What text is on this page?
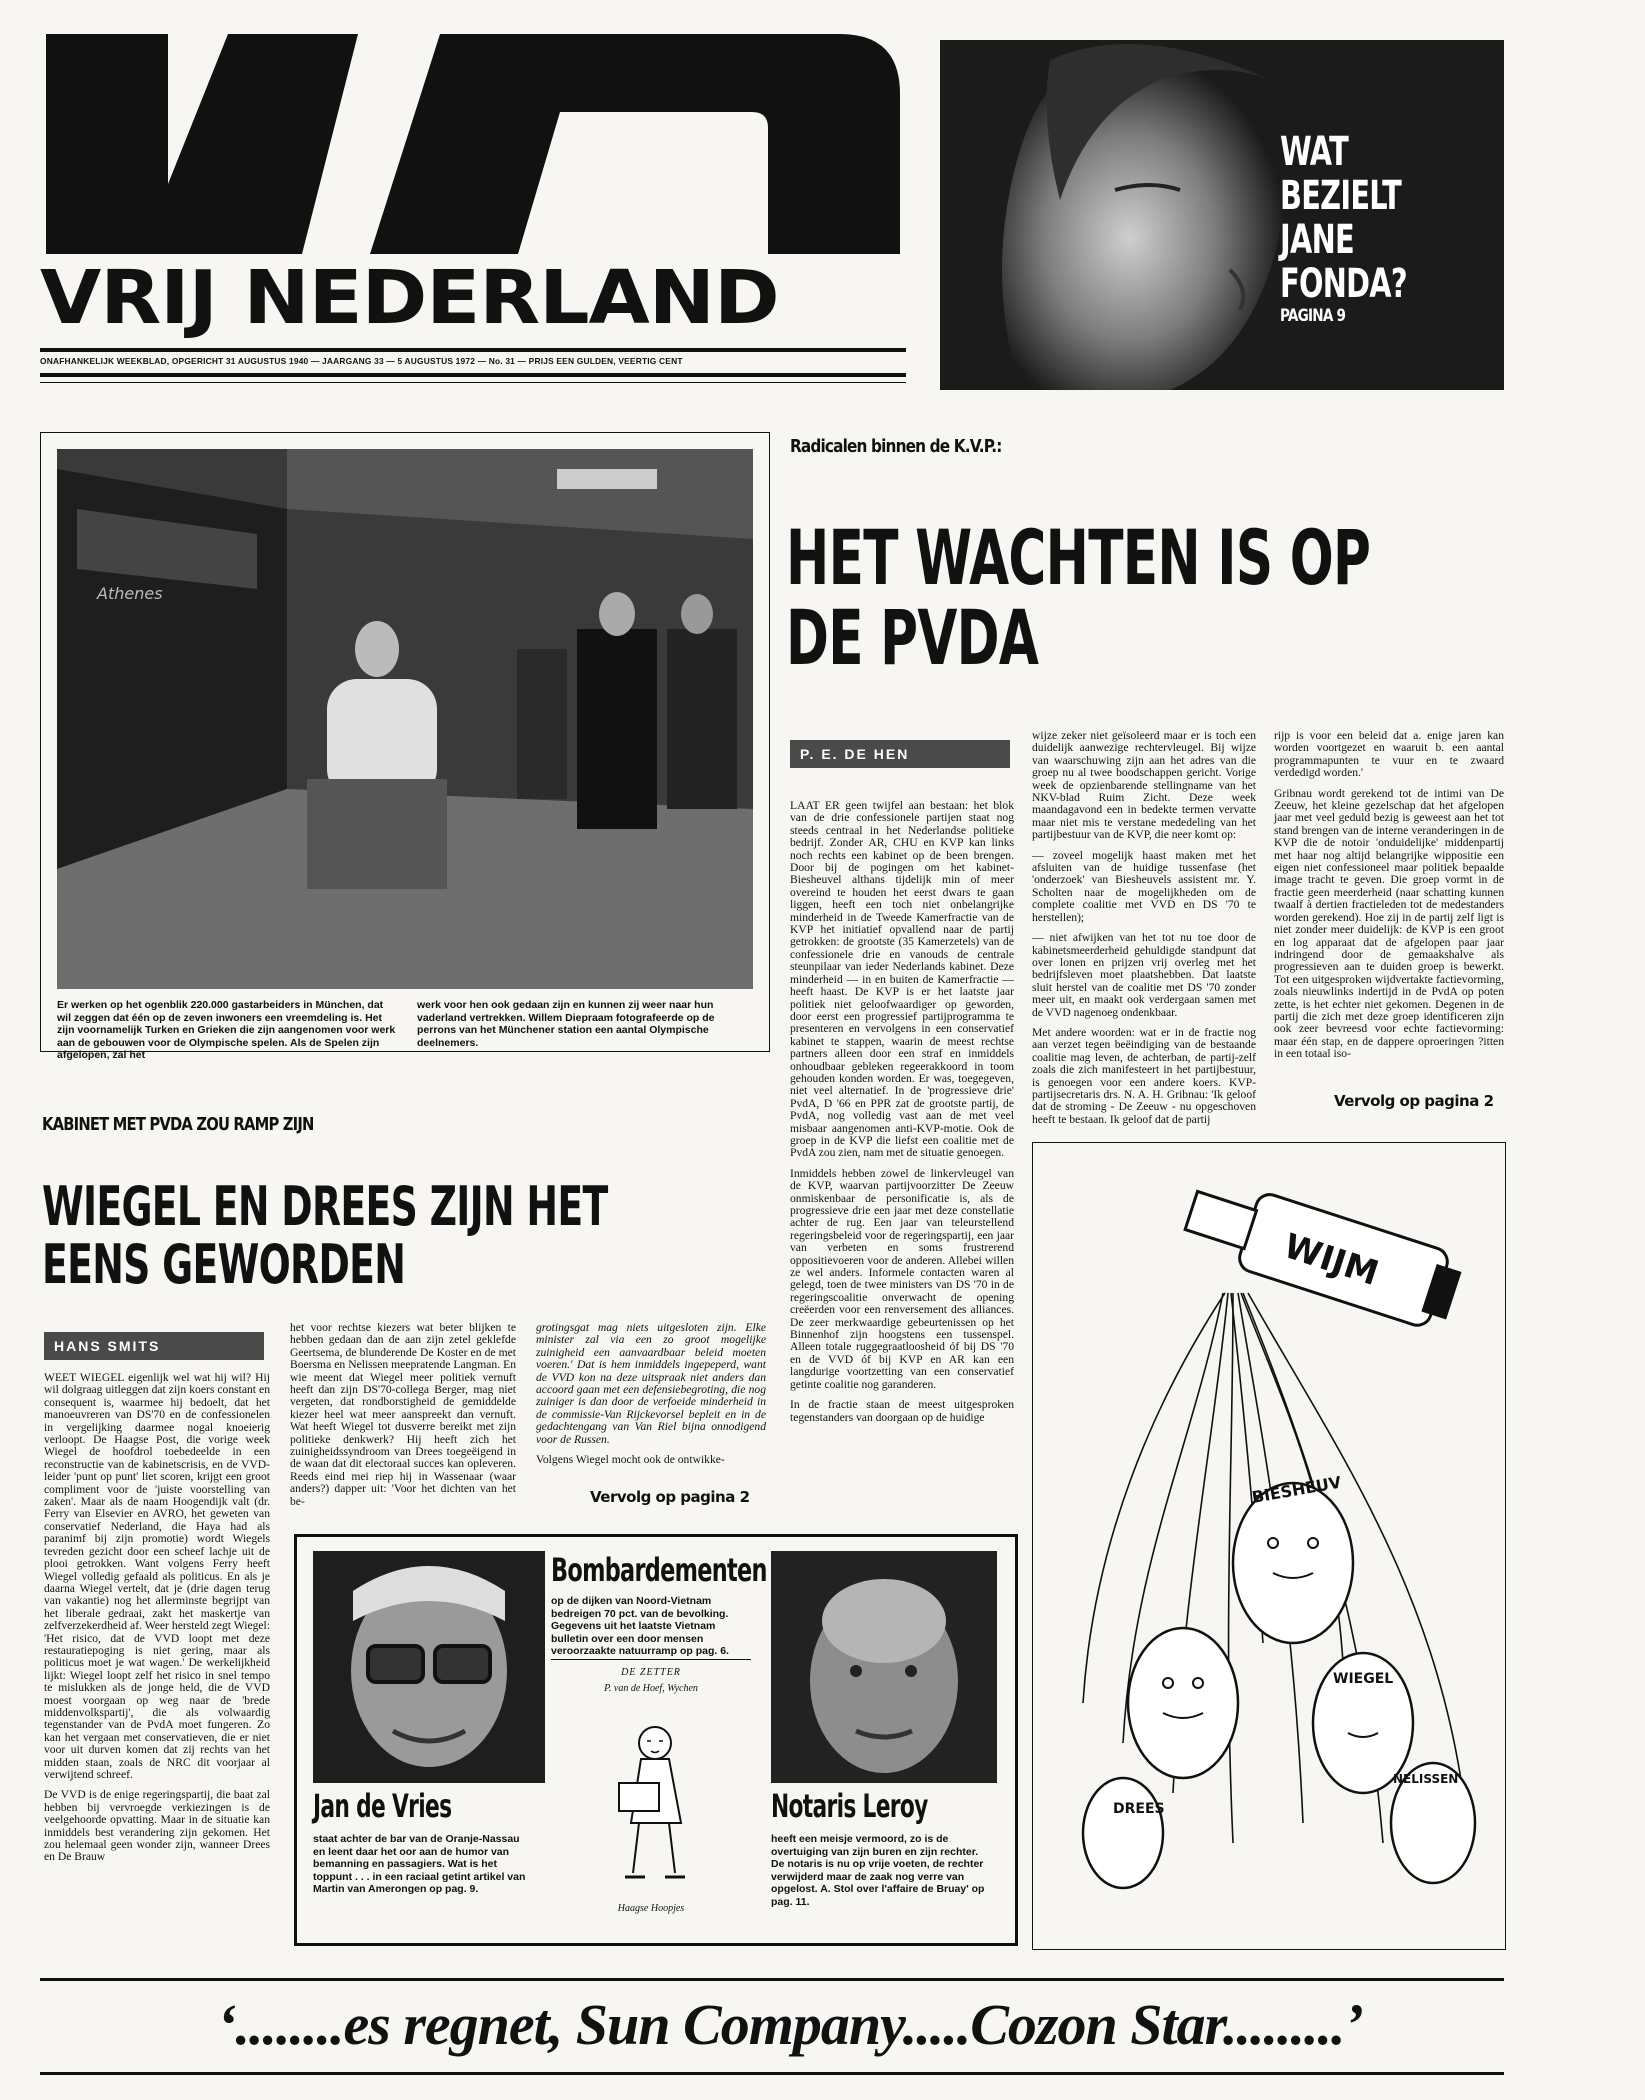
VRIJ NEDERLAND
ONAFHANKELIJK WEEKBLAD, OPGERICHT 31 AUGUSTUS 1940 — JAARGANG 33 — 5 AUGUSTUS 1972 — No. 31 — PRIJS EEN GULDEN, VEERTIG CENT
WAT
BEZIELT
JANE
FONDA?
PAGINA 9
Athenes
Er werken op het ogenblik 220.000 gastarbeiders in München, dat wil zeggen dat één op de zeven inwoners een vreemdeling is. Het zijn voornamelijk Turken en Grieken die zijn aangenomen voor werk aan de gebouwen voor de Olympische spelen. Als de Spelen zijn afgelopen, zal het
werk voor hen ook gedaan zijn en kunnen zij weer naar hun vaderland vertrekken. Willem Diepraam fotografeerde op de perrons van het Münchener station een aantal Olympische deelnemers.
Radicalen binnen de K.V.P.:
HET WACHTEN IS OP
DE PVDA
P. E. DE HEN

LAAT ER geen twijfel aan bestaan: het blok van de drie confessionele partijen staat nog steeds centraal in het Nederlandse politieke bedrijf. Zonder AR, CHU en KVP kan links noch rechts een kabinet op de been brengen. Door bij de pogingen om het kabinet-Biesheuvel althans tijdelijk min of meer overeind te houden het eerst dwars te gaan liggen, heeft een toch niet onbelangrijke minderheid in de Tweede Kamerfractie van de KVP het initiatief opvallend naar de partij getrokken: de grootste (35 Kamerzetels) van de confessionele drie en vanouds de centrale steunpilaar van ieder Nederlands kabinet. Deze minderheid — in en buiten de Kamerfractie — heeft haast. De KVP is er het laatste jaar politiek niet geloofwaardiger op geworden, door eerst een progressief partijprogramma te presenteren en vervolgens in een conservatief kabinet te stappen, waarin de meest rechtse partners alleen door een straf en inmiddels onhoudbaar gebleken regeerakkoord in toom gehouden konden worden. Er was, toegegeven, niet veel alternatief. In de 'progressieve drie' PvdA, D '66 en PPR zat de grootste partij, de PvdA, nog volledig vast aan de met veel misbaar aangenomen anti-KVP-motie. Ook de groep in de KVP die liefst een coalitie met de PvdA zou zien, nam met de situatie genoegen.

Inmiddels hebben zowel de linkervleugel van de KVP, waarvan partijvoorzitter De Zeeuw onmiskenbaar de personificatie is, als de progressieve drie een jaar met deze constellatie achter de rug. Een jaar van teleurstellend regeringsbeleid voor de regeringspartij, een jaar van verbeten en soms frustrerend oppositievoeren voor de anderen. Allebei willen ze wel anders. Informele contacten waren al gelegd, toen de twee ministers van DS '70 in de regeringscoalitie onverwacht de opening creëerden voor een renversement des alliances. De zeer merkwaardige gebeurtenissen op het Binnenhof zijn hoogstens een tussenspel. Alleen totale ruggegraatloosheid óf bij DS '70 en de VVD óf bij KVP en AR kan een langdurige voortzetting van een conservatief getinte coalitie nog garanderen.

In de fractie staan de meest uitgesproken tegenstanders van doorgaan op de huidige

wijze zeker niet geïsoleerd maar er is toch een duidelijk aanwezige rechtervleugel. Bij wijze van waarschuwing zijn aan het adres van die groep nu al twee boodschappen gericht. Vorige week de opzienbarende stellingname van het NKV-blad Ruim Zicht. Deze week maandagavond een in bedekte termen vervatte maar niet mis te verstane mededeling van het partijbestuur van de KVP, die neer komt op:

— zoveel mogelijk haast maken met het afsluiten van de huidige tussenfase (het 'onderzoek' van Biesheuvels assistent mr. Y. Scholten naar de mogelijkheden om de complete coalitie met VVD en DS '70 te herstellen);

— niet afwijken van het tot nu toe door de kabinetsmeerderheid gehuldigde standpunt dat over lonen en prijzen vrij overleg met het bedrijfsleven moet plaatshebben. Dat laatste sluit herstel van de coalitie met DS '70 zonder meer uit, en maakt ook verdergaan samen met de VVD nagenoeg ondenkbaar.

Met andere woorden: wat er in de fractie nog aan verzet tegen beëindiging van de bestaande coalitie mag leven, de achterban, de partij-zelf zoals die zich manifesteert in het partijbestuur, is genoegen voor een andere koers. KVP-partijsecretaris drs. N. A. H. Gribnau: 'Ik geloof dat de stroming - De Zeeuw - nu opgeschoven heeft te bestaan. Ik geloof dat de partij

rijp is voor een beleid dat a. enige jaren kan worden voortgezet en waaruit b. een aantal programmapunten te vuur en te zwaard verdedigd worden.'

Gribnau wordt gerekend tot de intimi van De Zeeuw, het kleine gezelschap dat het afgelopen jaar met veel geduld bezig is geweest aan het tot stand brengen van de interne veranderingen in de KVP die de notoir 'onduidelijke' middenpartij met haar nog altijd belangrijke wippositie een eigen niet confessioneel maar politiek bepaalde image tracht te geven. Die groep vormt in de fractie geen meerderheid (naar schatting kunnen twaalf à dertien fractieleden tot de medestanders worden gerekend). Hoe zij in de partij zelf ligt is niet zonder meer duidelijk: de KVP is een groot en log apparaat dat de afgelopen paar jaar indringend door de gemaakshalve als progressieven aan te duiden groep is bewerkt. Tot een uitgesproken wijdvertakte factievorming, zoals nieuwlinks indertijd in de PvdA op poten zette, is het echter niet gekomen. Degenen in de partij die zich met deze groep identificeren zijn ook zeer bevreesd voor echte factievorming: maar één stap, en de dappere oproeringen ?itten in een totaal iso-

Vervolg op pagina 2
WIJM
BIESHEUV
DREES
WIEGEL
NELISSEN
KABINET MET PVDA ZOU RAMP ZIJN
WIEGEL EN DREES ZIJN HET
EENS GEWORDEN
HANS SMITS

WEET WIEGEL eigenlijk wel wat hij wil? Hij wil dolgraag uitleggen dat zijn koers constant en consequent is, waarmee hij bedoelt, dat het manoeuvreren van DS'70 en de confessionelen in vergelijking daarmee nogal knoeierig verloopt. De Haagse Post, die vorige week Wiegel de hoofdrol toebedeelde in een reconstructie van de kabinetscrisis, en de VVD-leider 'punt op punt' liet scoren, krijgt een groot compliment voor de 'juiste voorstelling van zaken'. Maar als de naam Hoogendijk valt (dr. Ferry van Elsevier en AVRO, het geweten van conservatief Nederland, die Haya had als paranimf bij zijn promotie) wordt Wiegels tevreden gezicht door een scheef lachje uit de plooi getrokken. Want volgens Ferry heeft Wiegel volledig gefaald als politicus. En als je daarna Wiegel vertelt, dat je (drie dagen terug van vakantie) nog het allerminste begrijpt van het liberale gedraai, zakt het maskertje van zelfverzekerdheid af. Weer hersteld zegt Wiegel: 'Het risico, dat de VVD loopt met deze restauratiepoging is niet gering, maar als politicus moet je wat wagen.' De werkelijkheid lijkt: Wiegel loopt zelf het risico in snel tempo te mislukken als de jonge held, die de VVD moest voorgaan op weg naar de 'brede middenvolkspartij', die als volwaardig tegenstander van de PvdA moet fungeren. Zo kan het vergaan met conservatieven, die er niet voor uit durven komen dat zij rechts van het midden staan, zoals de NRC dit voorjaar al verwijtend schreef.

De VVD is de enige regeringspartij, die baat zal hebben bij vervroegde verkiezingen is de veelgehoorde opvatting. Maar in de situatie kan inmiddels best verandering zijn gekomen. Het zou helemaal geen wonder zijn, wanneer Drees en De Brauw

het voor rechtse kiezers wat beter blijken te hebben gedaan dan de aan zijn zetel geklefde Geertsema, de blunderende De Koster en de met Boersma en Nelissen meepratende Langman. En wie meent dat Wiegel meer politiek vernuft heeft dan zijn DS'70-collega Berger, mag niet vergeten, dat rondborstigheid de gemiddelde kiezer heel wat meer aanspreekt dan vernuft. Wat heeft Wiegel tot dusverre bereikt met zijn politieke denkwerk? Hij heeft zich het zuinigheidssyndroom van Drees toegeëigend in de waan dat dit electoraal succes kan opleveren. Reeds eind mei riep hij in Wassenaar (waar anders?) dapper uit: 'Voor het dichten van het be-

grotingsgat mag niets uitgesloten zijn. Elke minister zal via een zo groot mogelijke zuinigheid een aanvaardbaar beleid moeten voeren.' Dat is hem inmiddels ingepeperd, want de VVD kon na deze uitspraak niet anders dan accoord gaan met een defensiebegroting, die nog zuiniger is dan door de verfoeide minderheid in de commissie-Van Rijckevorsel bepleit en in de gedachtengang van Van Riel bijna onnodigend voor de Russen.

Volgens Wiegel mocht ook de ontwikke-

Vervolg op pagina 2
Jan de Vries
staat achter de bar van de Oranje-Nassau en leent daar het oor aan de humor van bemanning en passagiers. Wat is het toppunt . . . in een raciaal getint artikel van Martin van Amerongen op pag. 9.
Bombardementen
op de dijken van Noord-Vietnam bedreigen 70 pct. van de bevolking. Gegevens uit het laatste Vietnam bulletin over een door mensen veroorzaakte natuurramp op pag. 6.
DE ZETTER
P. van de Hoef, Wychen
Haagse Hoopjes
Notaris Leroy
heeft een meisje vermoord, zo is de overtuiging van zijn buren en zijn rechter. De notaris is nu op vrije voeten, de rechter verwijderd maar de zaak nog verre van opgelost. A. Stol over l'affaire de Bruay' op pag. 11.
‘........es regnet, Sun Company.....Cozon Star.........’
